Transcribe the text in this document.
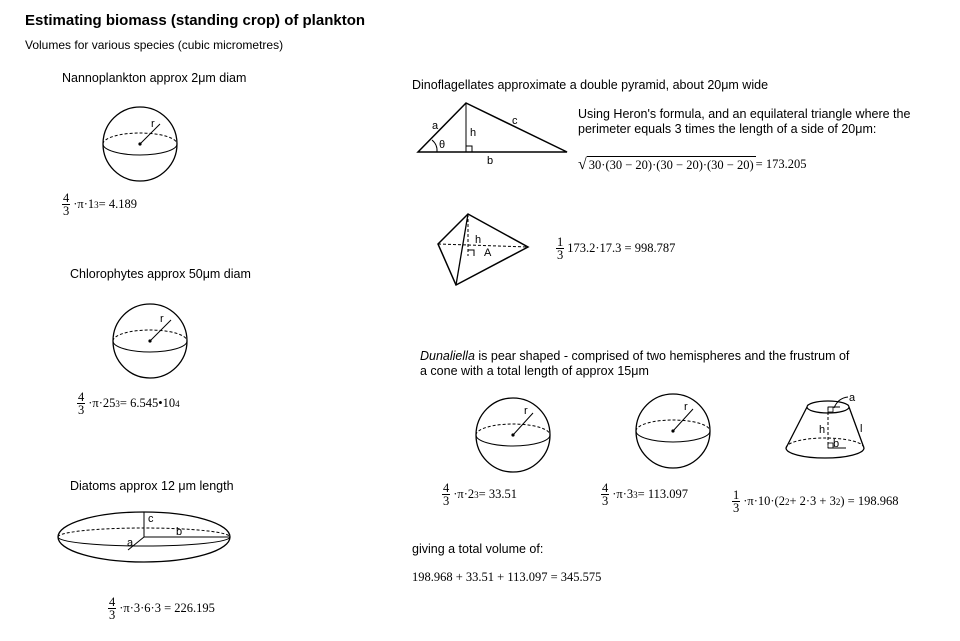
Estimating biomass (standing crop) of plankton
Volumes for various species (cubic micrometres)
Nannoplankton approx 2μm diam
r
$\frac{4}{3} \cdot\pi\cdot 1$ 3 = 4.189
Chlorophytes approx 50μm diam
r
$\frac{4}{3} \cdot\pi\cdot 25$ 3 = 6.545•10 4
Diatoms approx 12 μm length
c
b
a
$\frac{4}{3} \cdot\pi\cdot 3\cdot 6\cdot 3 = 226.195$
Dinoflagellates approximate a double pyramid, about 20μm wide
a
h
c
b
θ
Using Heron's formula, and an equilateral triangle where the
perimeter equals 3 times the length of a side of 20μm:
√ 30·(30 − 20)·(30 − 20)·(30 − 20) = 173.205
h
A	$\frac{1}{3} 173.2\cdot 17.3 = 998.787$
Dunaliella is pear shaped - comprised of two hemispheres and the frustrum of
a cone with a total length of approx 15μm
r	r
a
h	l
b
$\frac{4}{3} \cdot\pi\cdot 2$ 3 = 33.51	$\frac{4}{3} \cdot\pi\cdot 3$ 3 = 113.097	$\frac{1}{3} \cdot\pi\cdot 10\cdot(2$ 2 + 2·3 + 3 2 ) = 198.968
giving a total volume of:
198.968 + 33.51 + 113.097 = 345.575
